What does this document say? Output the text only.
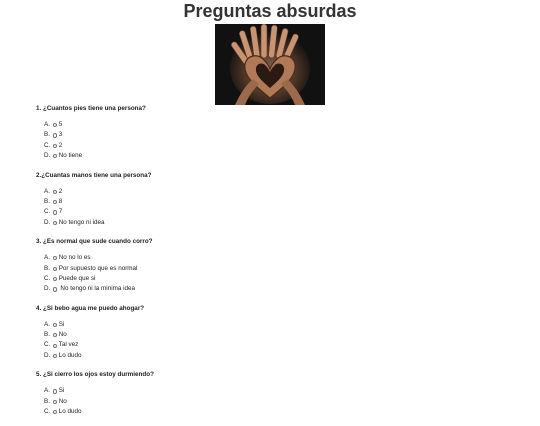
Preguntas absurdas

1. ¿Cuantos pies tiene una persona?

A.	5
B.	3
C.	2
D.	No tiene

2.¿Cuantas manos tiene una persona?

A.	2
B.	8
C.	7
D.	No tengo ni idea

3. ¿Es normal que sude cuando corro?

A.	No no lo es
B.	Por supuesto que es normal
C.	Puede que si
D.	No tengo ni la minima idea

4. ¿Si bebo agua me puedo ahogar?

A.	Si
B.	No
C.	Tal vez
D.	Lo dudo

5. ¿Si cierro los ojos estoy durmiendo?

A.	Si
B.	No
C.	Lo dudo
